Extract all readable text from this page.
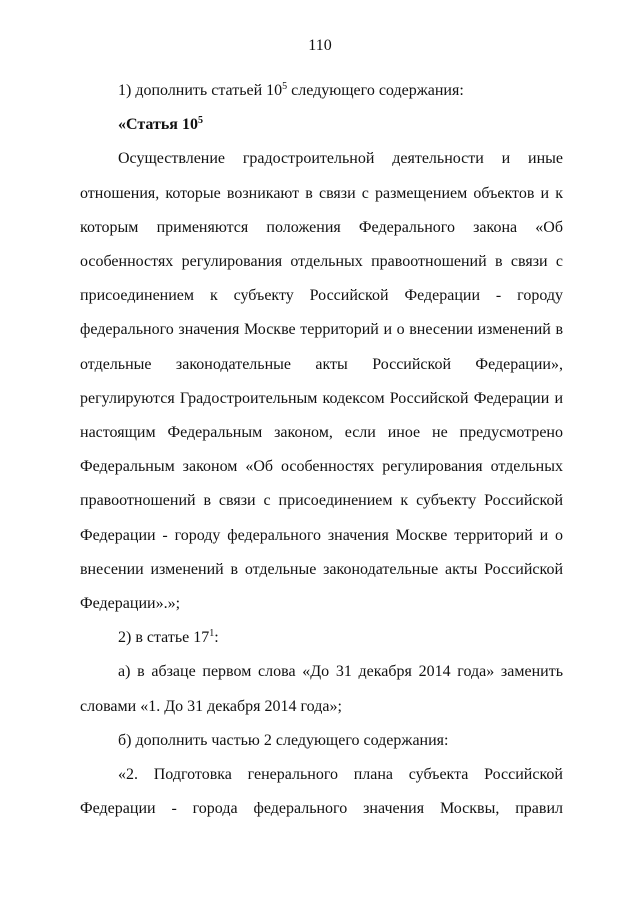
110

1) дополнить статьей $10^5$ следующего содержания:

«Статья $10^5$

Осуществление градостроительной деятельности и иные отношения, которые возникают в связи с размещением объектов и к которым применяются положения Федерального закона «Об особенностях регулирования отдельных правоотношений в связи с присоединением к субъекту Российской Федерации - городу федерального значения Москве территорий и о внесении изменений в отдельные законодательные акты Российской Федерации», регулируются Градостроительным кодексом Российской Федерации и настоящим Федеральным законом, если иное не предусмотрено Федеральным законом «Об особенностях регулирования отдельных правоотношений в связи с присоединением к субъекту Российской Федерации - городу федерального значения Москве территорий и о внесении изменений в отдельные законодательные акты Российской Федерации».»;

2) в статье $17^1$:

а) в абзаце первом слова «До 31 декабря 2014 года» заменить словами «1. До 31 декабря 2014 года»;

б) дополнить частью 2 следующего содержания:

«2. Подготовка генерального плана субъекта Российской Федерации - города федерального значения Москвы, правил
